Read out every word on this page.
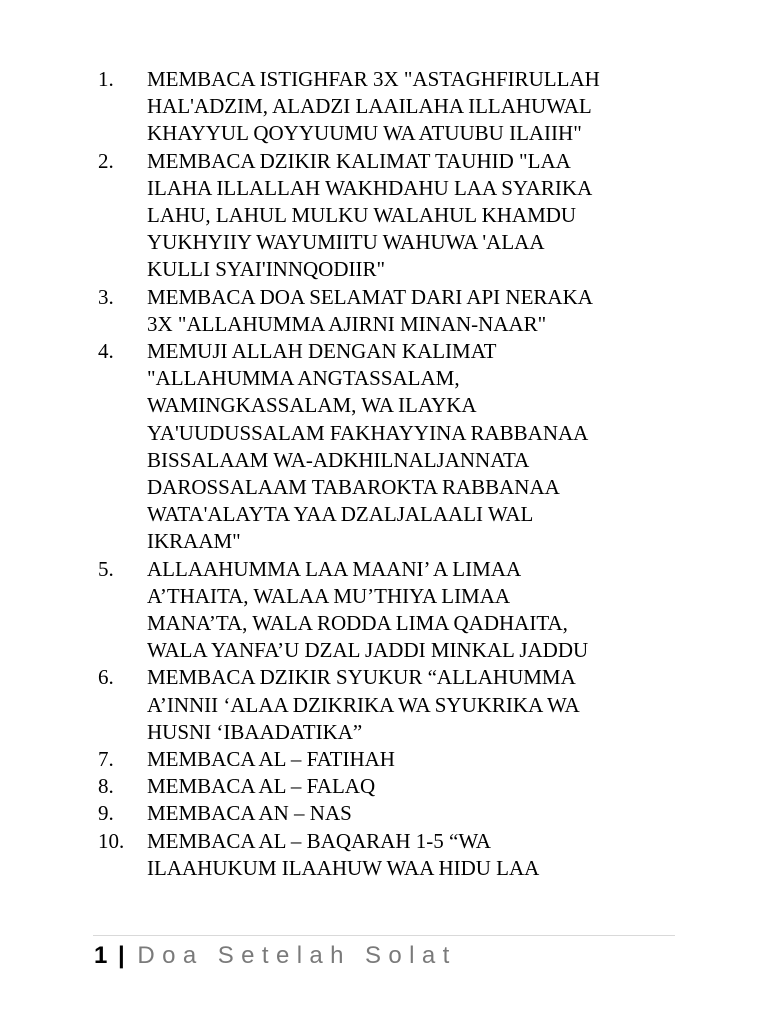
1.	MEMBACA ISTIGHFAR 3X "ASTAGHFIRULLAH
HAL'ADZIM, ALADZI LAAILAHA ILLAHUWAL
KHAYYUL QOYYUUMU WA ATUUBU ILAIIH"
2.	MEMBACA DZIKIR KALIMAT TAUHID "LAA
ILAHA ILLALLAH WAKHDAHU LAA SYARIKA
LAHU, LAHUL MULKU WALAHUL KHAMDU
YUKHYIIY WAYUMIITU WAHUWA 'ALAA
KULLI SYAI'INNQODIIR"
3.	MEMBACA DOA SELAMAT DARI API NERAKA
3X "ALLAHUMMA AJIRNI MINAN-NAAR"
4.	MEMUJI ALLAH DENGAN KALIMAT
"ALLAHUMMA ANGTASSALAM,
WAMINGKASSALAM, WA ILAYKA
YA'UUDUSSALAM FAKHAYYINA RABBANAA
BISSALAAM WA-ADKHILNALJANNATA
DAROSSALAAM TABAROKTA RABBANAA
WATA'ALAYTA YAA DZALJALAALI WAL
IKRAAM"
5.	ALLAAHUMMA LAA MAANI’ A LIMAA
A’THAITA, WALAA MU’THIYA LIMAA
MANA’TA, WALA RODDA LIMA QADHAITA,
WALA YANFA’U DZAL JADDI MINKAL JADDU
6.	MEMBACA DZIKIR SYUKUR “ALLAHUMMA
A’INNII ‘ALAA DZIKRIKA WA SYUKRIKA WA
HUSNI ‘IBAADATIKA”
7.	MEMBACA AL – FATIHAH
8.	MEMBACA AL – FALAQ
9.	MEMBACA AN – NAS
10.	MEMBACA AL – BAQARAH 1-5 “WA
ILAAHUKUM ILAAHUW WAA HIDU LAA
1 | Doa Setelah Solat
